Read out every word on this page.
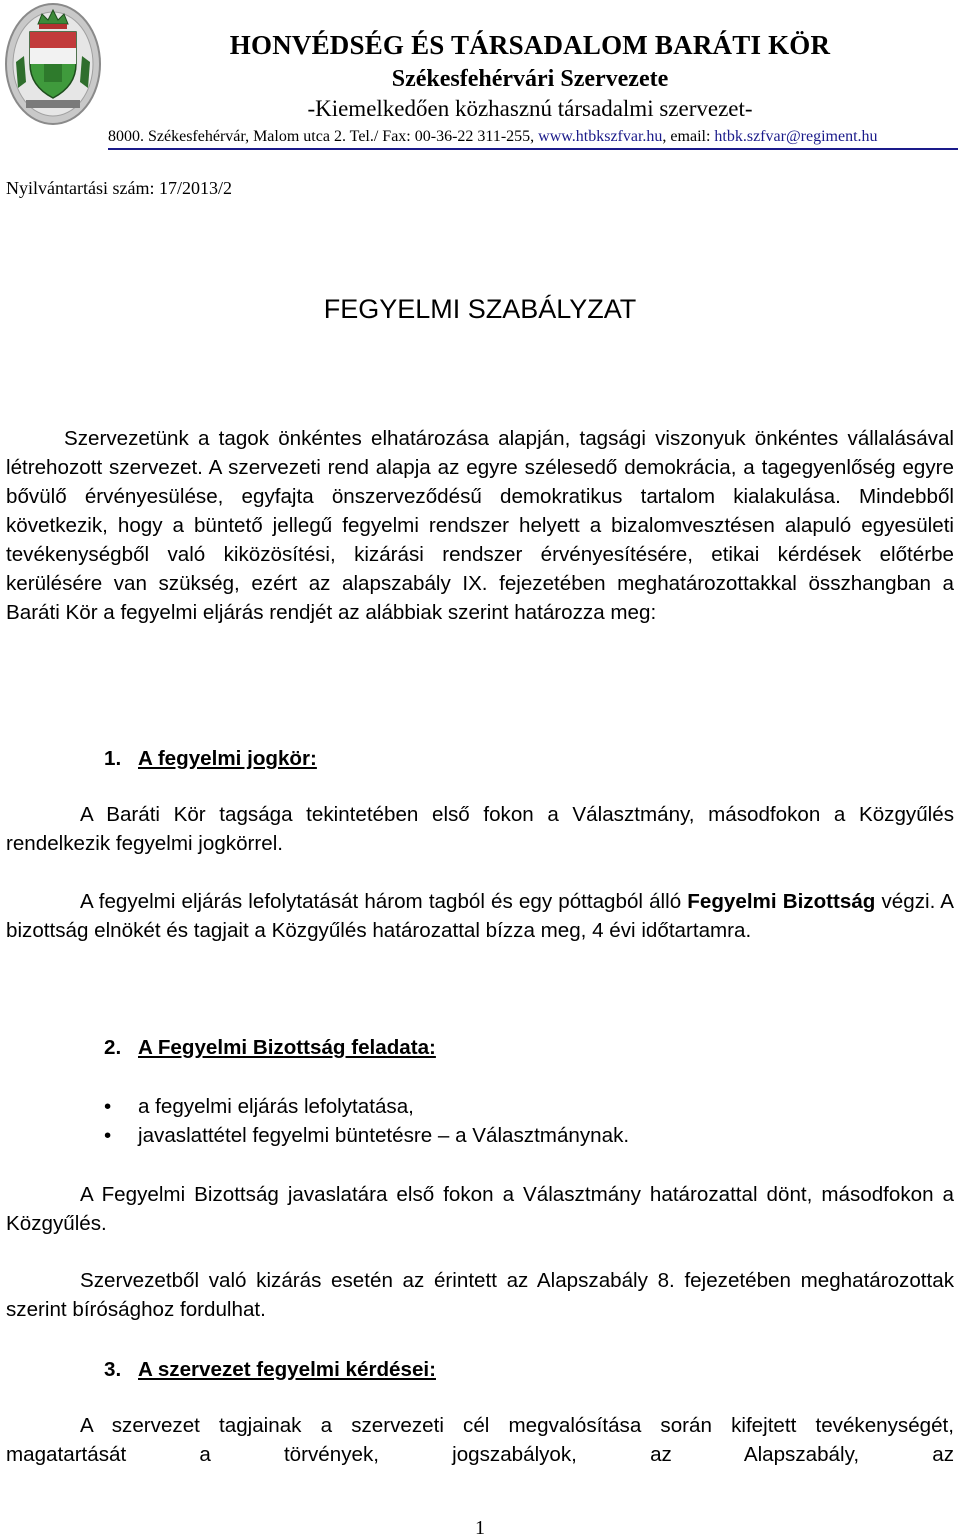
HONVÉDSÉG ÉS TÁRSADALOM BARÁTI KÖR
Székesfehérvári Szervezete
-Kiemelkedően közhasznú társadalmi szervezet-
8000. Székesfehérvár, Malom utca 2. Tel./ Fax: 00-36-22 311-255, www.htbkszfvar.hu, email: htbk.szfvar@regiment.hu
Nyilvántartási szám: 17/2013/2
FEGYELMI SZABÁLYZAT
Szervezetünk a tagok önkéntes elhatározása alapján, tagsági viszonyuk önkéntes vállalásával létrehozott szervezet. A szervezeti rend alapja az egyre szélesedő demokrácia, a tagegyenlőség egyre bővülő érvényesülése, egyfajta önszerveződésű demokratikus tartalom kialakulása. Mindebből következik, hogy a büntető jellegű fegyelmi rendszer helyett a bizalomvesztésen alapuló egyesületi tevékenységből való kiközösítési, kizárási rendszer érvényesítésére, etikai kérdések előtérbe kerülésére van szükség, ezért az alapszabály IX. fejezetében meghatározottakkal összhangban a Baráti Kör a fegyelmi eljárás rendjét az alábbiak szerint határozza meg:
1. A fegyelmi jogkör:
A Baráti Kör tagsága tekintetében első fokon a Választmány, másodfokon a Közgyűlés rendelkezik fegyelmi jogkörrel.
A fegyelmi eljárás lefolytatását három tagból és egy póttagból álló Fegyelmi Bizottság végzi. A bizottság elnökét és tagjait a Közgyűlés határozattal bízza meg, 4 évi időtartamra.
2. A Fegyelmi Bizottság feladata:
• a fegyelmi eljárás lefolytatása,
• javaslattétel fegyelmi büntetésre – a Választmánynak.
A Fegyelmi Bizottság javaslatára első fokon a Választmány határozattal dönt, másodfokon a Közgyűlés.
Szervezetből való kizárás esetén az érintett az Alapszabály 8. fejezetében meghatározottak szerint bírósághoz fordulhat.
3. A szervezet fegyelmi kérdései:
A szervezet tagjainak a szervezeti cél megvalósítása során kifejtett tevékenységét, magatartását a törvények, jogszabályok, az Alapszabály, az
1
